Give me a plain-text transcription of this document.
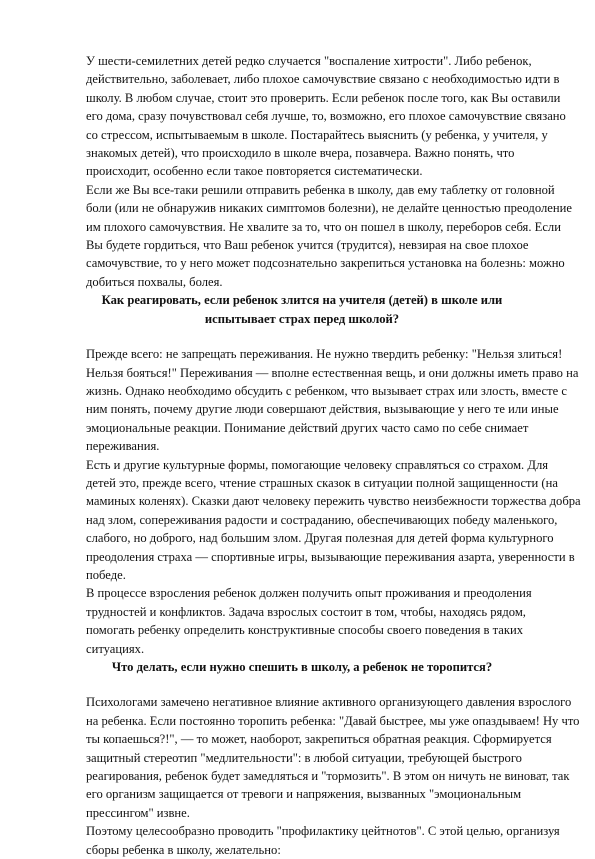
У шести-семилетних детей редко случается "воспаление хитрости". Либо ребенок,
действительно, заболевает, либо плохое самочувствие связано с необходимостью идти в
школу. В любом случае, стоит это проверить. Если ребенок после того, как Вы оставили
его дома, сразу почувствовал себя лучше, то, возможно, его плохое самочувствие связано
со стрессом, испытываемым в школе. Постарайтесь выяснить (у ребенка, у учителя, у
знакомых детей), что происходило в школе вчера, позавчера. Важно понять, что
происходит, особенно если такое повторяется систематически.

Если же Вы все-таки решили отправить ребенка в школу, дав ему таблетку от головной
боли (или не обнаружив никаких симптомов болезни), не делайте ценностью преодоление
им плохого самочувствия. Не хвалите за то, что он пошел в школу, переборов себя. Если
Вы будете гордиться, что Ваш ребенок учится (трудится), невзирая на свое плохое
самочувствие, то у него может подсознательно закрепиться установка на болезнь: можно
добиться похвалы, болея.

Как реагировать, если ребенок злится на учителя (детей) в школе или
испытывает страх перед школой?

Прежде всего: не запрещать переживания. Не нужно твердить ребенку: "Нельзя злиться!
Нельзя бояться!" Переживания — вполне естественная вещь, и они должны иметь право на
жизнь. Однако необходимо обсудить с ребенком, что вызывает страх или злость, вместе с
ним понять, почему другие люди совершают действия, вызывающие у него те или иные
эмоциональные реакции. Понимание действий других часто само по себе снимает
переживания.

Есть и другие культурные формы, помогающие человеку справляться со страхом. Для
детей это, прежде всего, чтение страшных сказок в ситуации полной защищенности (на
маминых коленях). Сказки дают человеку пережить чувство неизбежности торжества добра
над злом, сопереживания радости и состраданию, обеспечивающих победу маленького,
слабого, но доброго, над большим злом. Другая полезная для детей форма культурного
преодоления страха — спортивные игры, вызывающие переживания азарта, уверенности в
победе.

В процессе взросления ребенок должен получить опыт проживания и преодоления
трудностей и конфликтов. Задача взрослых состоит в том, чтобы, находясь рядом,
помогать ребенку определить конструктивные способы своего поведения в таких
ситуациях.

Что делать, если нужно спешить в школу, а ребенок не торопится?

Психологами замечено негативное влияние активного организующего давления взрослого
на ребенка. Если постоянно торопить ребенка: "Давай быстрее, мы уже опаздываем! Ну что
ты копаешься?!", — то может, наоборот, закрепиться обратная реакция. Сформируется
защитный стереотип "медлительности": в любой ситуации, требующей быстрого
реагирования, ребенок будет замедляться и "тормозить". В этом он ничуть не виноват, так
его организм защищается от тревоги и напряжения, вызванных "эмоциональным
прессингом" извне.

Поэтому целесообразно проводить "профилактику цейтнотов". С этой целью, организуя
сборы ребенка в школу, желательно:
